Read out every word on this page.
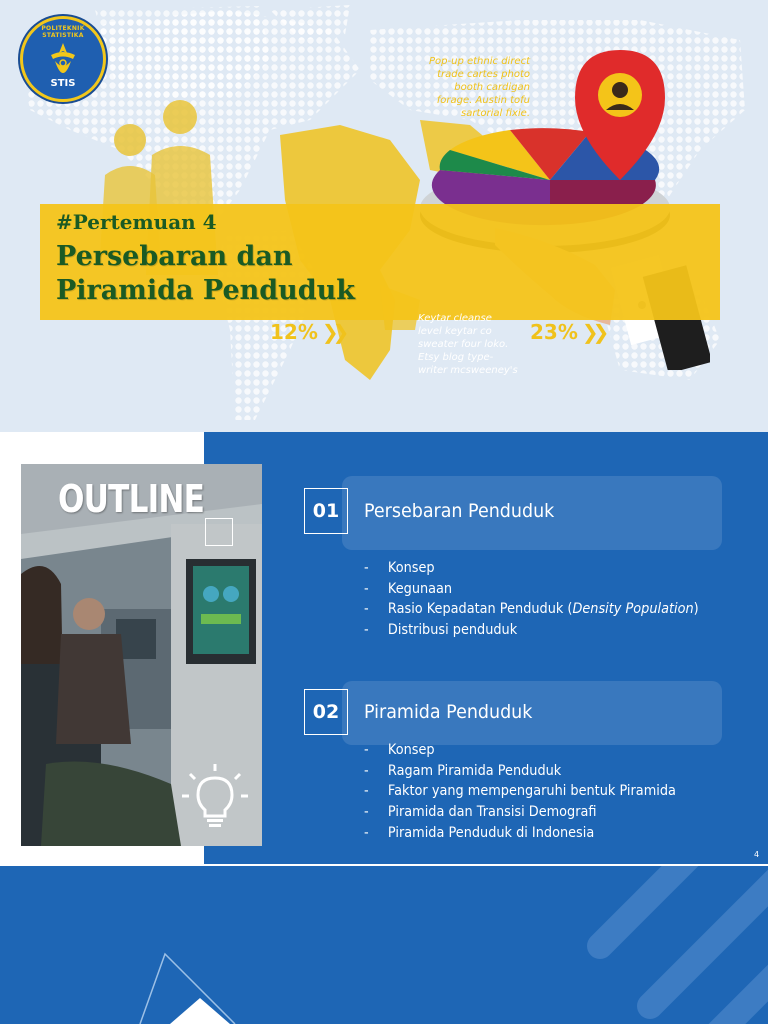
Pop-up ethnic direct
trade cartes photo
booth cardigan
forage. Austin tofu
sartorial fixie.
#Pertemuan 4
Persebaran dan
Piramida Penduduk
12% ❯❯	23% ❯❯
Keytar cleanse
level keytar co
sweater four loko.
Etsy blog type-
writer mcsweeney's
POLITEKNIK STATISTIKA
STIS
OUTLINE	01	Persebaran Penduduk
- Konsep
- Kegunaan
- Rasio Kepadatan Penduduk (Density Population)
- Distribusi penduduk
02	Piramida Penduduk
- Konsep
- Ragam Piramida Penduduk
- Faktor yang mempengaruhi bentuk Piramida
- Piramida dan Transisi Demografi
- Piramida Penduduk di Indonesia
4
